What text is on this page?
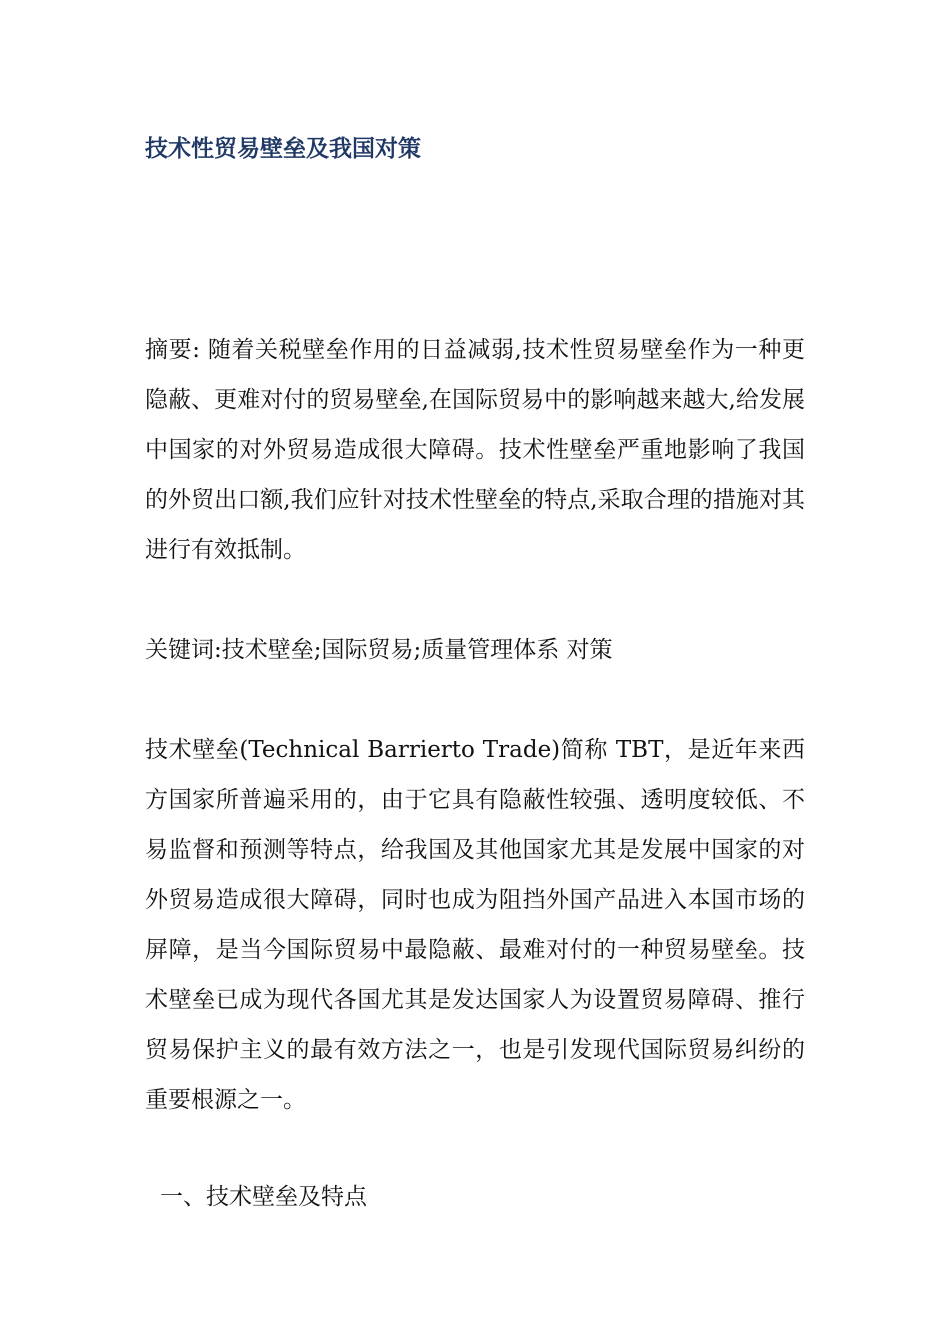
技术性贸易壁垒及我国对策

摘要: 随着关税壁垒作用的日益减弱,技术性贸易壁垒作为一种更隐蔽、更难对付的贸易壁垒,在国际贸易中的影响越来越大,给发展中国家的对外贸易造成很大障碍。技术性壁垒严重地影响了我国的外贸出口额,我们应针对技术性壁垒的特点,采取合理的措施对其进行有效抵制。

关键词:技术壁垒;国际贸易;质量管理体系 对策

技术壁垒(Technical Barrierto Trade)简称 TBT，是近年来西方国家所普遍采用的，由于它具有隐蔽性较强、透明度较低、不易监督和预测等特点，给我国及其他国家尤其是发展中国家的对外贸易造成很大障碍，同时也成为阻挡外国产品进入本国市场的屏障，是当今国际贸易中最隐蔽、最难对付的一种贸易壁垒。技术壁垒已成为现代各国尤其是发达国家人为设置贸易障碍、推行贸易保护主义的最有效方法之一，也是引发现代国际贸易纠纷的重要根源之一。

一、技术壁垒及特点
